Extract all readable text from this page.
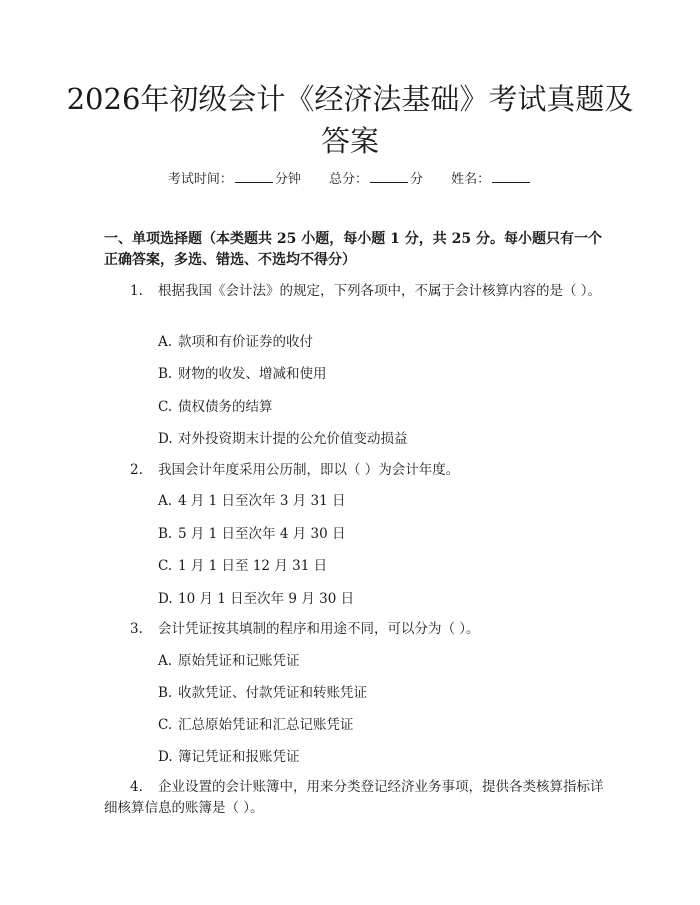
2026年初级会计《经济法基础》考试真题及答案
考试时间：	分钟 总分：	分 姓名：

一、单项选择题（本类题共 25 小题，每小题 1 分，共 25 分。每小题只有一个正确答案，多选、错选、不选均不得分）

1. 根据我国《会计法》的规定，下列各项中，不属于会计核算内容的是（ ）。

A. 款项和有价证券的收付

B. 财物的收发、增减和使用

C. 债权债务的结算

D. 对外投资期末计提的公允价值变动损益

2. 我国会计年度采用公历制，即以（ ）为会计年度。

A. 4 月 1 日至次年 3 月 31 日

B. 5 月 1 日至次年 4 月 30 日

C. 1 月 1 日至 12 月 31 日

D. 10 月 1 日至次年 9 月 30 日

3. 会计凭证按其填制的程序和用途不同，可以分为（ ）。

A. 原始凭证和记账凭证

B. 收款凭证、付款凭证和转账凭证

C. 汇总原始凭证和汇总记账凭证

D. 簿记凭证和报账凭证

4. 企业设置的会计账簿中，用来分类登记经济业务事项，提供各类核算指标详细核算信息的账簿是（ ）。
